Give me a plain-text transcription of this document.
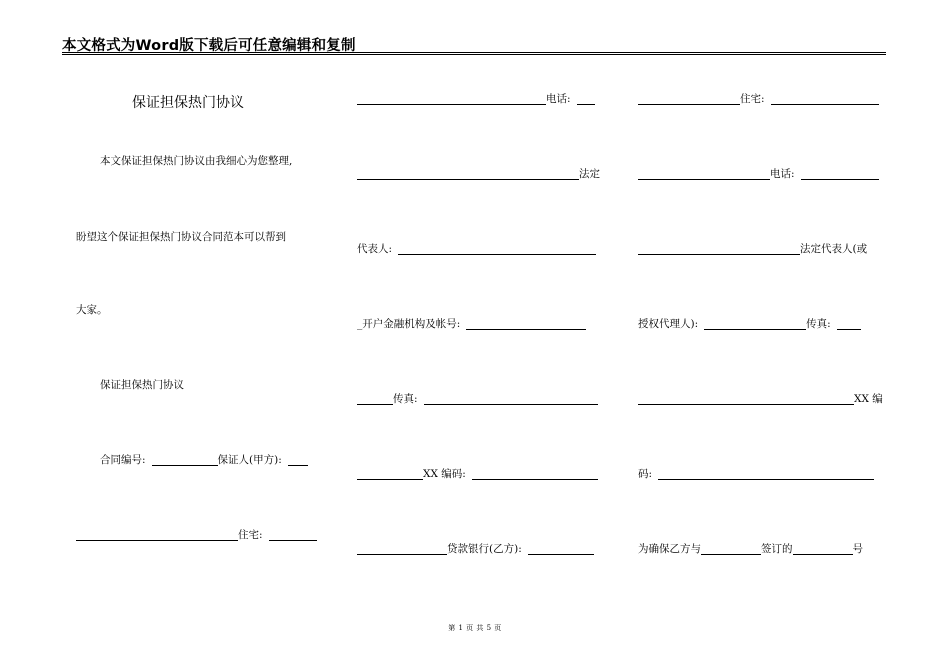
本文格式为Word版下载后可任意编辑和复制
保证担保热门协议
本文保证担保热门协议由我细心为您整理,
盼望这个保证担保热门协议合同范本可以帮到
大家。
保证担保热门协议
合同编号:	保证人(甲方):
住宅:
电话:
法定
代表人:
_开户金融机构及帐号:
传真:
XX 编码:
贷款银行(乙方):
住宅:
电话:
法定代表人(或
授权代理人):	传真:
XX 编
码:
为确保乙方与	签订的	号
第 1 页 共 5 页
